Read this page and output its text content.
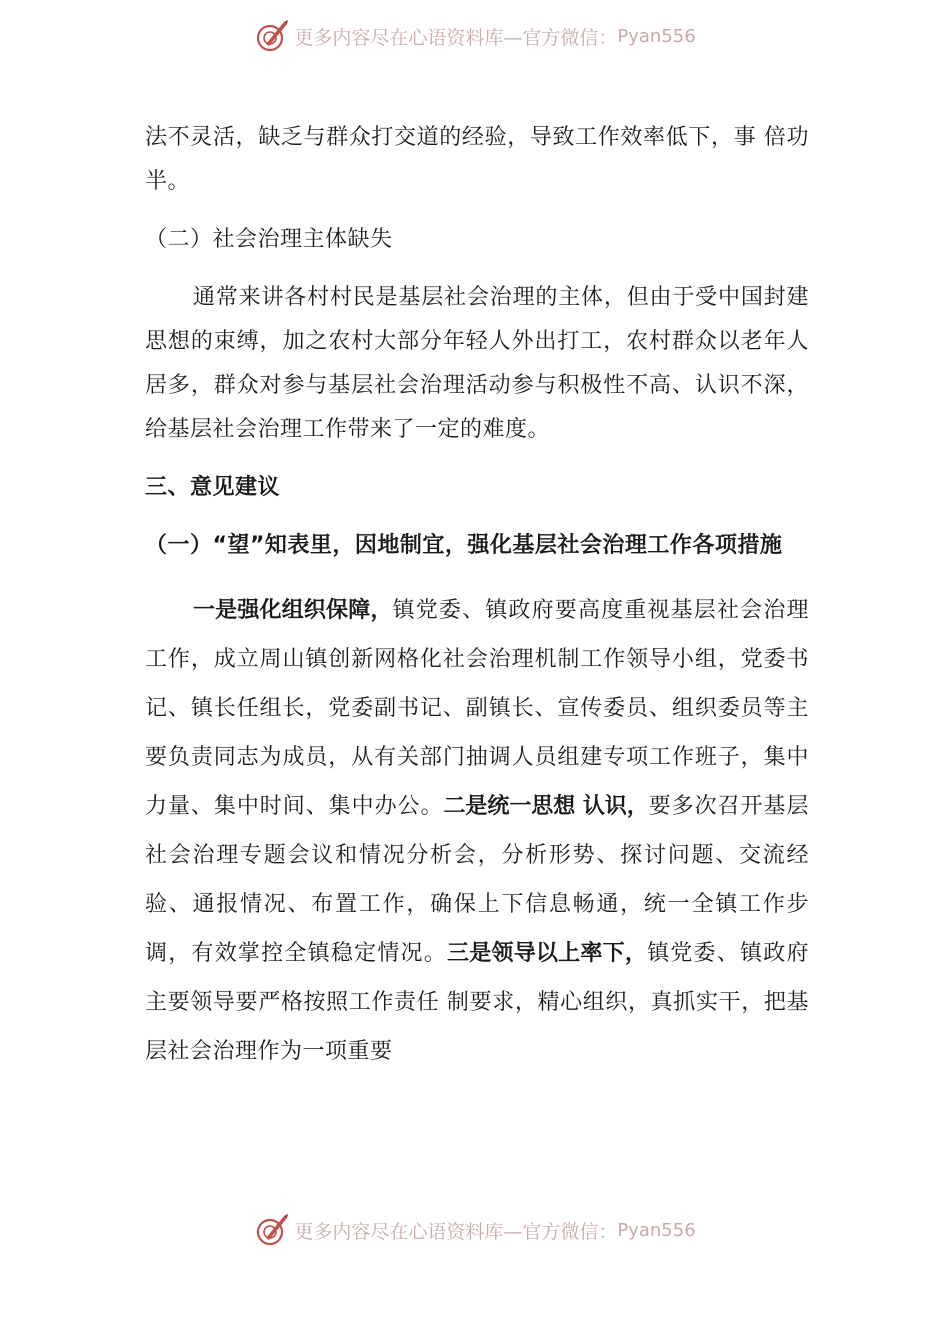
更多内容尽在心语资料库—官方微信： Pyan556

法不灵活，缺乏与群众打交道的经验，导致工作效率低下，事 倍功半。

（二）社会治理主体缺失

通常来讲各村村民是基层社会治理的主体，但由于受中国封建思想的束缚，加之农村大部分年轻人外出打工，农村群众以老年人居多，群众对参与基层社会治理活动参与积极性不高、认识不深，给基层社会治理工作带来了一定的难度。

三、意见建议
（一）“望”知表里，因地制宜，强化基层社会治理工作各项措施

一是强化组织保障，镇党委、镇政府要高度重视基层社会治理工作，成立周山镇创新网格化社会治理机制工作领导小组，党委书记、镇长任组长，党委副书记、副镇长、宣传委员、组织委员等主要负责同志为成员，从有关部门抽调人员组建专项工作班子，集中力量、集中时间、集中办公。二是统一思想 认识，要多次召开基层社会治理专题会议和情况分析会，分析形势、探讨问题、交流经验、通报情况、布置工作，确保上下信息畅通，统一全镇工作步调，有效掌控全镇稳定情况。三是领导以上率下，镇党委、镇政府主要领导要严格按照工作责任 制要求，精心组织，真抓实干，把基层社会治理作为一项重要

更多内容尽在心语资料库—官方微信： Pyan556
